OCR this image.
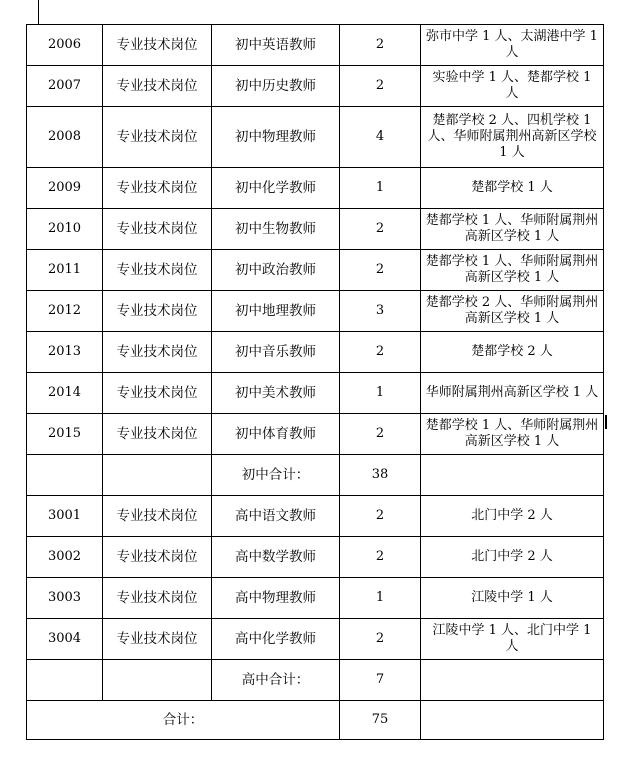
2006	专业技术岗位	初中英语教师	2	弥市中学 1 人、太湖港中学 1 人
2007	专业技术岗位	初中历史教师	2	实验中学 1 人、楚都学校 1 人
2008	专业技术岗位	初中物理教师	4	楚都学校 2 人、四机学校 1 人、华师附属荆州高新区学校 1 人
2009	专业技术岗位	初中化学教师	1	楚都学校 1 人
2010	专业技术岗位	初中生物教师	2	楚都学校 1 人、华师附属荆州高新区学校 1 人
2011	专业技术岗位	初中政治教师	2	楚都学校 1 人、华师附属荆州高新区学校 1 人
2012	专业技术岗位	初中地理教师	3	楚都学校 2 人、华师附属荆州高新区学校 1 人
2013	专业技术岗位	初中音乐教师	2	楚都学校 2 人
2014	专业技术岗位	初中美术教师	1	华师附属荆州高新区学校 1 人
2015	专业技术岗位	初中体育教师	2	楚都学校 1 人、华师附属荆州高新区学校 1 人
		初中合计：	38	
3001	专业技术岗位	高中语文教师	2	北门中学 2 人
3002	专业技术岗位	高中数学教师	2	北门中学 2 人
3003	专业技术岗位	高中物理教师	1	江陵中学 1 人
3004	专业技术岗位	高中化学教师	2	江陵中学 1 人、北门中学 1 人
		高中合计：	7	
合计：			75	
